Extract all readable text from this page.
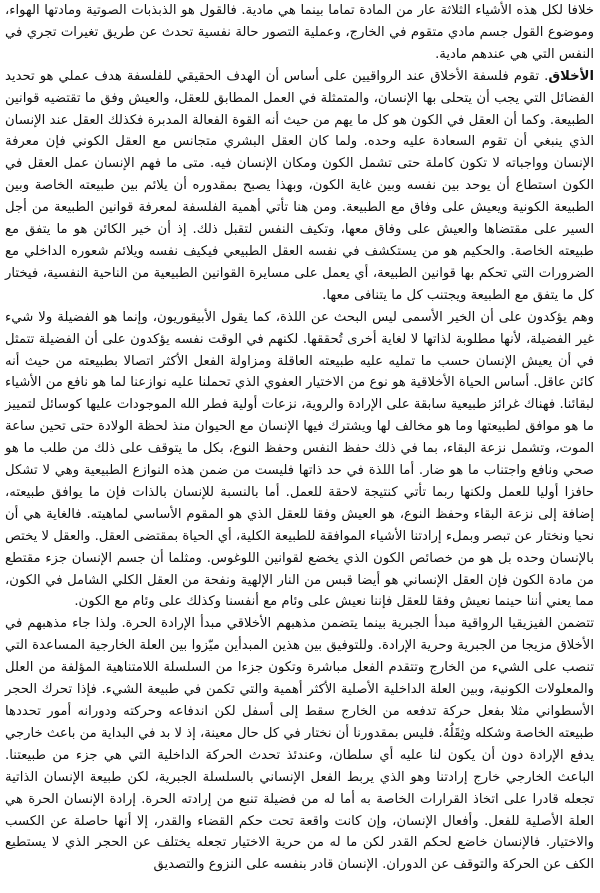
خلافا لكل هذه الأشياء الثلاثة عار من المادة تماما بينما هي مادية. فالقول هو الذبذبات الصوتية ومادتها الهواء، وموضوع القول جسم مادي متقوم في الخارج، وعملية التصور حالة نفسية تحدث عن طريق تغيرات تجري في النفس التي هي عندهم مادية.

الأخلاق. تقوم فلسفة الأخلاق عند الرواقيين على أساس أن الهدف الحقيقي للفلسفة هدف عملي هو تحديد الفضائل التي يجب أن يتحلى بها الإنسان، والمتمثلة في العمل المطابق للعقل، والعيش وفق ما تقتضيه قوانين الطبيعة. وكما أن العقل في الكون هو كل ما يهم من حيث أنه القوة الفعالة المدبرة فكذلك العقل عند الإنسان الذي ينبغي أن تقوم السعادة عليه وحده. ولما كان العقل البشري متجانس مع العقل الكوني فإن معرفة الإنسان وواجباته لا تكون كاملة حتى تشمل الكون ومكان الإنسان فيه. متى ما فهم الإنسان عمل العقل في الكون استطاع أن يوحد بين نفسه وبين غاية الكون، وبهذا يصبح بمقدوره أن يلائم بين طبيعته الخاصة وبين الطبيعة الكونية ويعيش على وفاق مع الطبيعة. ومن هنا تأتي أهمية الفلسفة لمعرفة قوانين الطبيعة من أجل السير على مقتضاها والعيش على وفاق معها، وتكيف النفس لتقبل ذلك. إذ أن خير الكائن هو ما يتفق مع طبيعته الخاصة. والحكيم هو من يستكشف في نفسه العقل الطبيعي فيكيف نفسه ويلائم شعوره الداخلي مع الضرورات التي تحكم بها قوانين الطبيعة، أي يعمل على مسايرة القوانين الطبيعية من الناحية النفسية، فيختار كل ما يتفق مع الطبيعة ويجتنب كل ما يتنافى معها.

وهم يؤكدون على أن الخير الأسمى ليس البحث عن اللذة، كما يقول الأبيقوريون، وإنما هو الفضيلة ولا شيء غير الفضيلة، لأنها مطلوبة لذاتها لا لغاية أخرى تُحققها. لكنهم في الوقت نفسه يؤكدون على أن الفضيلة تتمثل في أن يعيش الإنسان حسب ما تمليه عليه طبيعته العاقلة ومزاولة الفعل الأكثر اتصالا بطبيعته من حيث أنه كائن عاقل. أساس الحياة الأخلاقية هو نوع من الاختيار العفوي الذي تحملنا عليه نوازعنا لما هو نافع من الأشياء لبقائنا. فهناك غرائز طبيعية سابقة على الإرادة والروية، نزعات أولية فطر الله الموجودات عليها كوسائل لتمييز ما هو موافق لطبيعتها وما هو مخالف لها ويشترك فيها الإنسان مع الحيوان منذ لحظة الولادة حتى تحين ساعة الموت، وتشمل نزعة البقاء، بما في ذلك حفظ النفس وحفظ النوع، بكل ما يتوقف على ذلك من طلب ما هو صحي ونافع واجتناب ما هو ضار. أما اللذة في حد ذاتها فليست من ضمن هذه النوازع الطبيعية وهي لا تشكل حافزا أوليا للعمل ولكنها ربما تأتي كنتيجة لاحقة للعمل. أما بالنسبة للإنسان بالذات فإن ما يوافق طبيعته، إضافة إلى نزعة البقاء وحفظ النوع، هو العيش وفقا للعقل الذي هو المقوم الأساسي لماهيته. فالغاية هي أن نحيا ونختار عن تبصر وبملء إرادتنا الأشياء الموافقة للطبيعة الكلية، أي الحياة بمقتضى العقل. والعقل لا يختص بالإنسان وحده بل هو من خصائص الكون الذي يخضع لقوانين اللوغوس. ومثلما أن جسم الإنسان جزء مقتطع من مادة الكون فإن العقل الإنساني هو أيضا قبس من النار الإلهية ونفحة من العقل الكلي الشامل في الكون، مما يعني أننا حينما نعيش وفقا للعقل فإننا نعيش على وئام مع أنفسنا وكذلك على وئام مع الكون.

تتضمن الفيزيقيا الرواقية مبدأ الجبرية بينما يتضمن مذهبهم الأخلاقي مبدأ الإرادة الحرة. ولذا جاء مذهبهم في الأخلاق مزيجا من الجبرية وحرية الإرادة. وللتوفيق بين هذين المبدأين ميّزوا بين العلة الخارجية المساعدة التي تنصب على الشيء من الخارج وتتقدم الفعل مباشرة وتكون جزءا من السلسلة اللامتناهية المؤلفة من العلل والمعلولات الكونية، وبين العلة الداخلية الأصلية الأكثر أهمية والتي تكمن في طبيعة الشيء. فإذا تحرك الحجر الأسطواني مثلا بفعل حركة تدفعه من الخارج سقط إلى أسفل لكن اندفاعه وحركته ودورانه أمور تحددها طبيعته الخاصة وشكله وثِقَلُهُ. فليس بمقدورنا أن نختار في كل حال معينة، إذ لا بد في البداية من باعث خارجي يدفع الإرادة دون أن يكون لنا عليه أي سلطان، وعندئذ تحدث الحركة الداخلية التي هي جزء من طبيعتنا. الباعث الخارجي خارج إرادتنا وهو الذي يربط الفعل الإنساني بالسلسلة الجبرية، لكن طبيعة الإنسان الذاتية تجعله قادرا على اتخاذ القرارات الخاصة به أما له من فضيلة تنبع من إرادته الحرة. إرادة الإنسان الحرة هي العلة الأصلية للفعل. وأفعال الإنسان، وإن كانت واقعة تحت حكم القضاء والقدر، إلا أنها حاصلة عن الكسب والاختيار. فالإنسان خاضع لحكم القدر لكن ما له من حرية الاختيار تجعله يختلف عن الحجر الذي لا يستطيع الكف عن الحركة والتوقف عن الدوران. الإنسان قادر بنفسه على النزوع والتصديق
